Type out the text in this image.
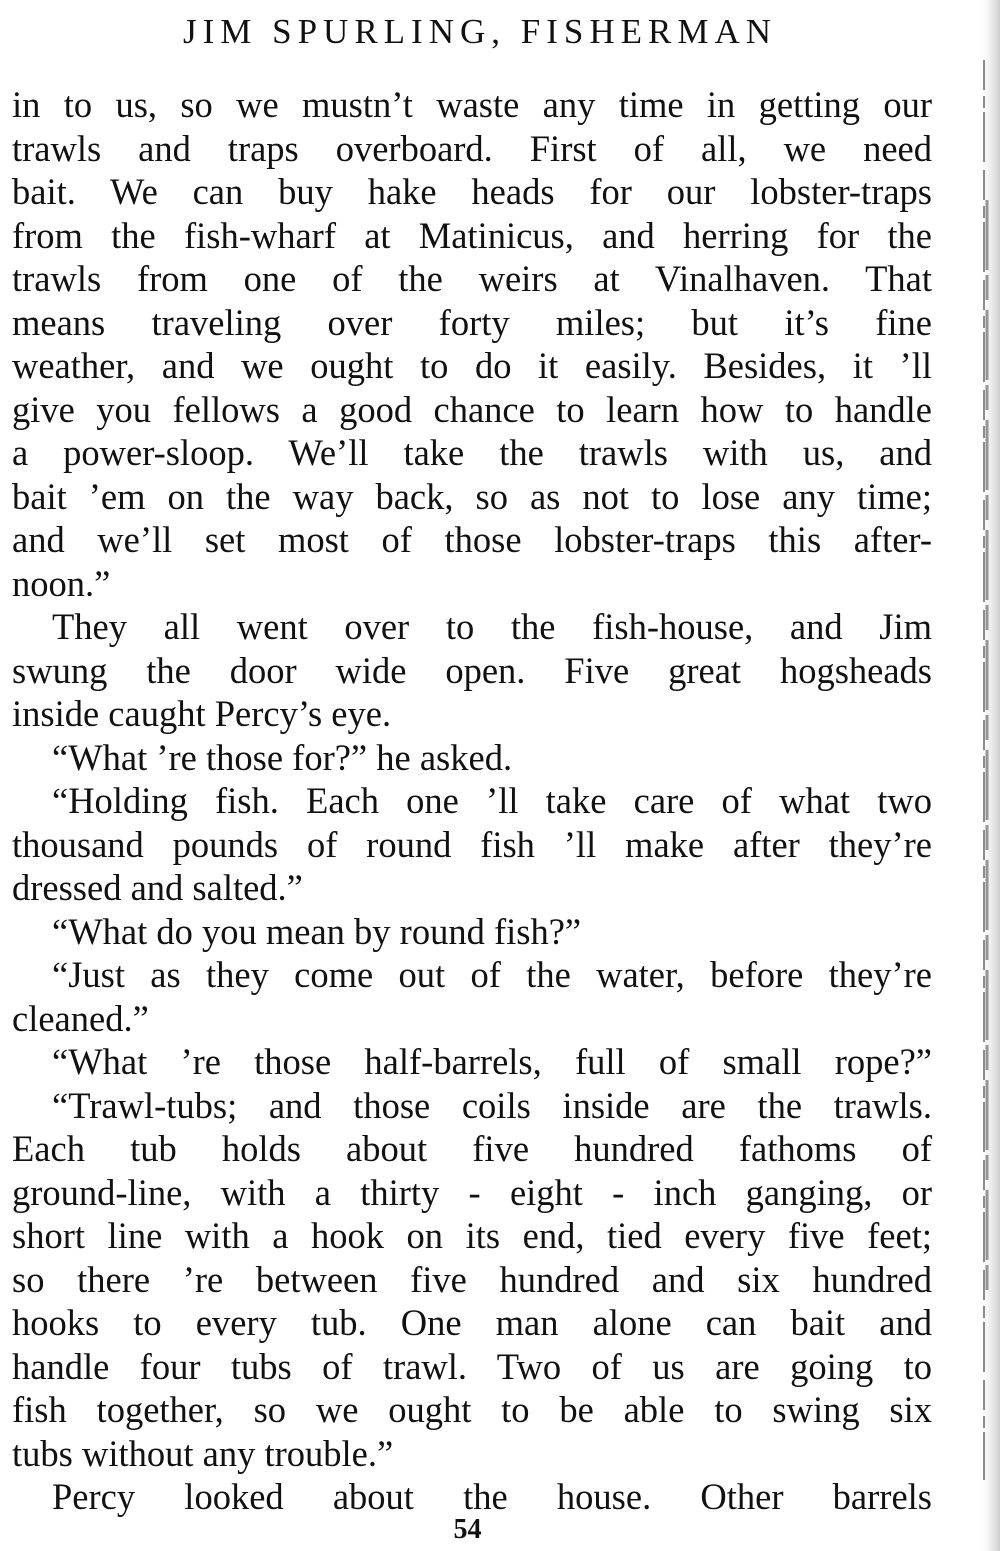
JIM SPURLING, FISHERMAN
in to us, so we mustn’t waste any time in getting our
trawls and traps overboard. First of all, we need
bait. We can buy hake heads for our lobster-traps
from the fish-wharf at Matinicus, and herring for the
trawls from one of the weirs at Vinalhaven. That
means traveling over forty miles; but it’s fine
weather, and we ought to do it easily. Besides, it ’ll
give you fellows a good chance to learn how to handle
a power-sloop. We’ll take the trawls with us, and
bait ’em on the way back, so as not to lose any time;
and we’ll set most of those lobster-traps this after-
noon.”
They all went over to the fish-house, and Jim
swung the door wide open. Five great hogsheads
inside caught Percy’s eye.
“What ’re those for?” he asked.
“Holding fish. Each one ’ll take care of what two
thousand pounds of round fish ’ll make after they’re
dressed and salted.”
“What do you mean by round fish?”
“Just as they come out of the water, before they’re
cleaned.”
“What ’re those half-barrels, full of small rope?”
“Trawl-tubs; and those coils inside are the trawls.
Each tub holds about five hundred fathoms of
ground-line, with a thirty - eight - inch ganging, or
short line with a hook on its end, tied every five feet;
so there ’re between five hundred and six hundred
hooks to every tub. One man alone can bait and
handle four tubs of trawl. Two of us are going to
fish together, so we ought to be able to swing six
tubs without any trouble.”
Percy looked about the house. Other barrels
54
